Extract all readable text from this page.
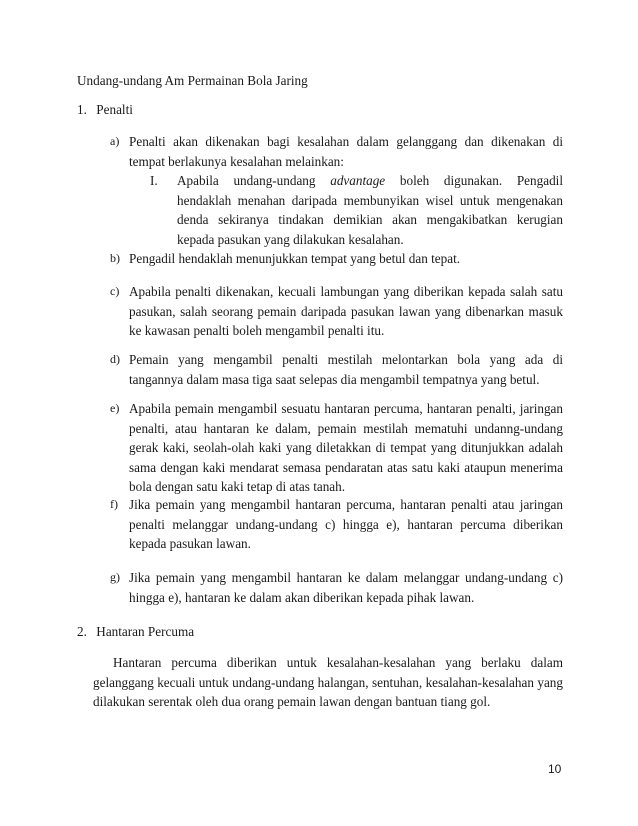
Undang-undang Am Permainan Bola Jaring
1. Penalti
a) Penalti akan dikenakan bagi kesalahan dalam gelanggang dan dikenakan di tempat berlakunya kesalahan melainkan:
I. Apabila undang-undang advantage boleh digunakan. Pengadil hendaklah menahan daripada membunyikan wisel untuk mengenakan denda sekiranya tindakan demikian akan mengakibatkan kerugian kepada pasukan yang dilakukan kesalahan.
b) Pengadil hendaklah menunjukkan tempat yang betul dan tepat.
c) Apabila penalti dikenakan, kecuali lambungan yang diberikan kepada salah satu pasukan, salah seorang pemain daripada pasukan lawan yang dibenarkan masuk ke kawasan penalti boleh mengambil penalti itu.
d) Pemain yang mengambil penalti mestilah melontarkan bola yang ada di tangannya dalam masa tiga saat selepas dia mengambil tempatnya yang betul.
e) Apabila pemain mengambil sesuatu hantaran percuma, hantaran penalti, jaringan penalti, atau hantaran ke dalam, pemain mestilah mematuhi undanng-undang gerak kaki, seolah-olah kaki yang diletakkan di tempat yang ditunjukkan adalah sama dengan kaki mendarat semasa pendaratan atas satu kaki ataupun menerima bola dengan satu kaki tetap di atas tanah.
f) Jika pemain yang mengambil hantaran percuma, hantaran penalti atau jaringan penalti melanggar undang-undang c) hingga e), hantaran percuma diberikan kepada pasukan lawan.
g) Jika pemain yang mengambil hantaran ke dalam melanggar undang-undang c) hingga e), hantaran ke dalam akan diberikan kepada pihak lawan.
2. Hantaran Percuma
Hantaran percuma diberikan untuk kesalahan-kesalahan yang berlaku dalam gelanggang kecuali untuk undang-undang halangan, sentuhan, kesalahan-kesalahan yang dilakukan serentak oleh dua orang pemain lawan dengan bantuan tiang gol.
10
